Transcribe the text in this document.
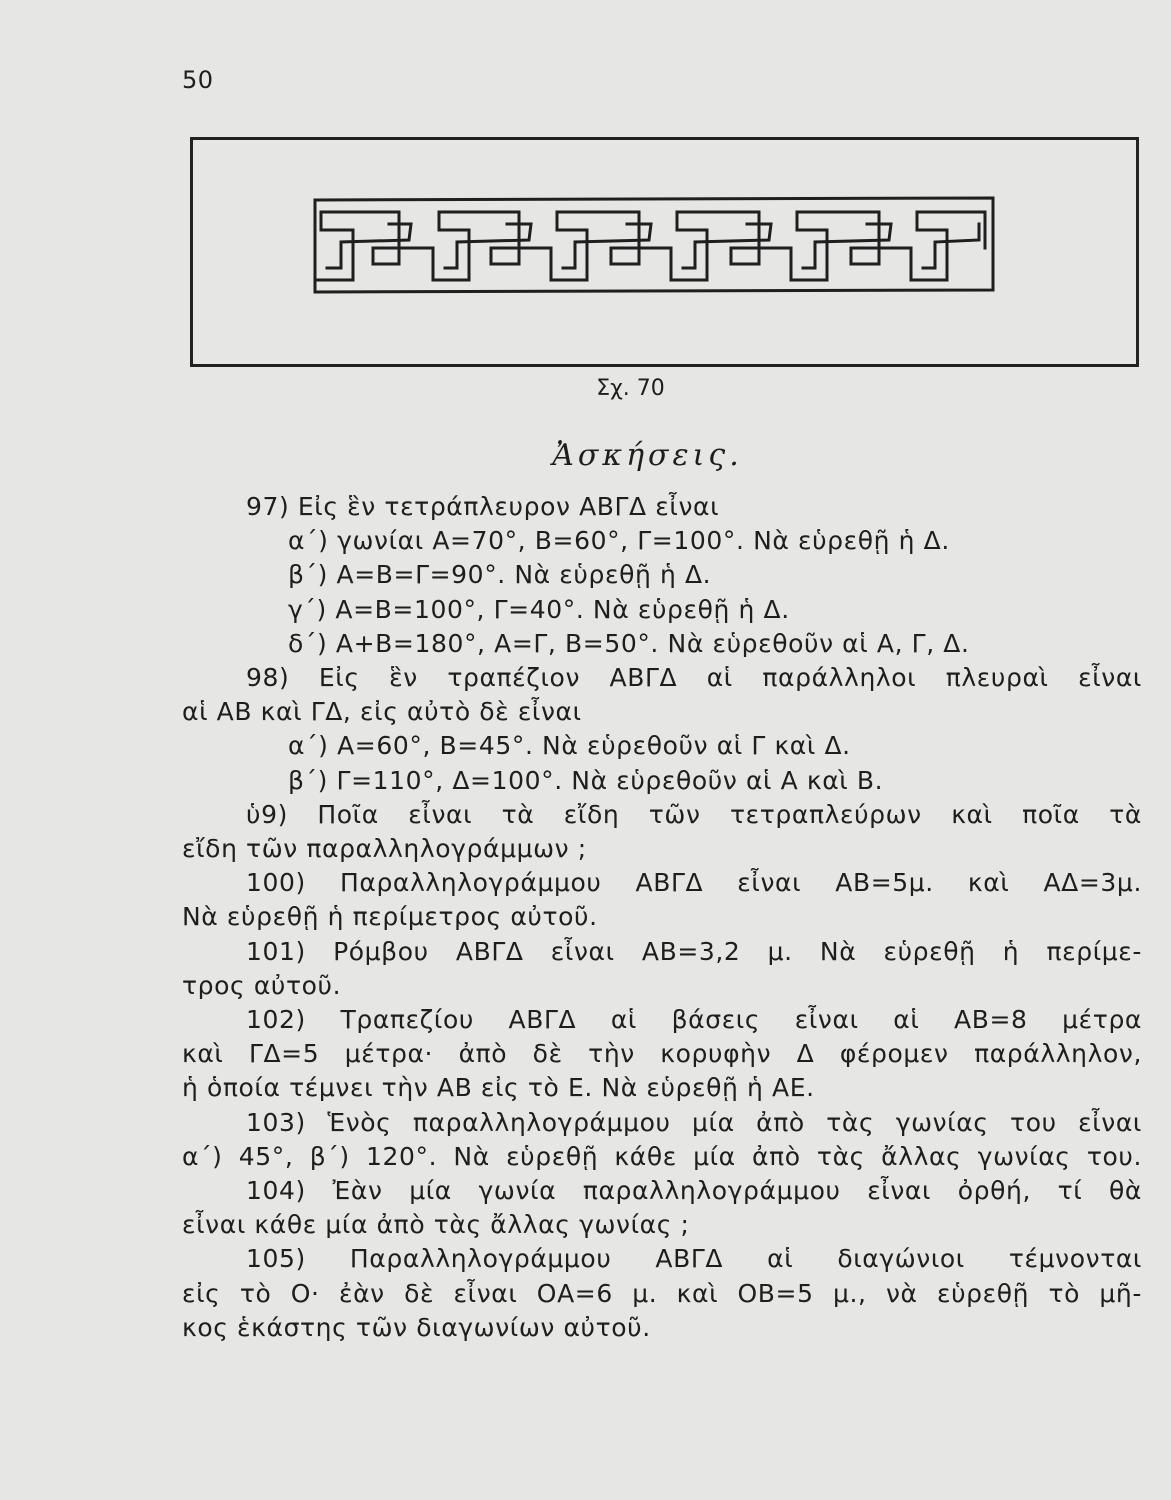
50
Σχ. 70
Ἀσκήσεις.
97) Εἰς ἓν τετράπλευρον ΑΒΓΔ εἶναι
α΄) γωνίαι Α=70°, Β=60°, Γ=100°. Νὰ εὑρεθῇ ἡ Δ.
β΄) Α=Β=Γ=90°. Νὰ εὑρεθῇ ἡ Δ.
γ΄) Α=Β=100°, Γ=40°. Νὰ εὑρεθῇ ἡ Δ.
δ΄) Α+Β=180°, Α=Γ, Β=50°. Νὰ εὑρεθοῦν αἱ Α, Γ, Δ.
98) Εἰς ἓν τραπέζιον ΑΒΓΔ αἱ παράλληλοι πλευραὶ εἶναι
αἱ ΑΒ καὶ ΓΔ, εἰς αὐτὸ δὲ εἶναι
α΄) Α=60°, Β=45°. Νὰ εὑρεθοῦν αἱ Γ καὶ Δ.
β΄) Γ=110°, Δ=100°. Νὰ εὑρεθοῦν αἱ Α καὶ Β.
ὑ9) Ποῖα εἶναι τὰ εἴδη τῶν τετραπλεύρων καὶ ποῖα τὰ
εἴδη τῶν παραλληλογράμμων ;
100) Παραλληλογράμμου ΑΒΓΔ εἶναι ΑΒ=5μ. καὶ ΑΔ=3μ.
Νὰ εὑρεθῇ ἡ περίμετρος αὐτοῦ.
101) Ρόμβου ΑΒΓΔ εἶναι ΑΒ=3,2 μ. Νὰ εὑρεθῇ ἡ περίμε-
τρος αὐτοῦ.
102) Τραπεζίου ΑΒΓΔ αἱ βάσεις εἶναι αἱ ΑΒ=8 μέτρα
καὶ ΓΔ=5 μέτρα· ἀπὸ δὲ τὴν κορυφὴν Δ φέρομεν παράλληλον,
ἡ ὁποία τέμνει τὴν ΑΒ εἰς τὸ Ε. Νὰ εὑρεθῇ ἡ ΑΕ.
103) Ἑνὸς παραλληλογράμμου μία ἀπὸ τὰς γωνίας του εἶναι
α΄) 45°, β΄) 120°. Νὰ εὑρεθῇ κάθε μία ἀπὸ τὰς ἄλλας γωνίας του.
104) Ἐὰν μία γωνία παραλληλογράμμου εἶναι ὀρθή, τί θὰ
εἶναι κάθε μία ἀπὸ τὰς ἄλλας γωνίας ;
105) Παραλληλογράμμου ΑΒΓΔ αἱ διαγώνιοι τέμνονται
εἰς τὸ Ο· ἐὰν δὲ εἶναι ΟΑ=6 μ. καὶ ΟΒ=5 μ., νὰ εὑρεθῇ τὸ μῆ-
κος ἑκάστης τῶν διαγωνίων αὐτοῦ.
